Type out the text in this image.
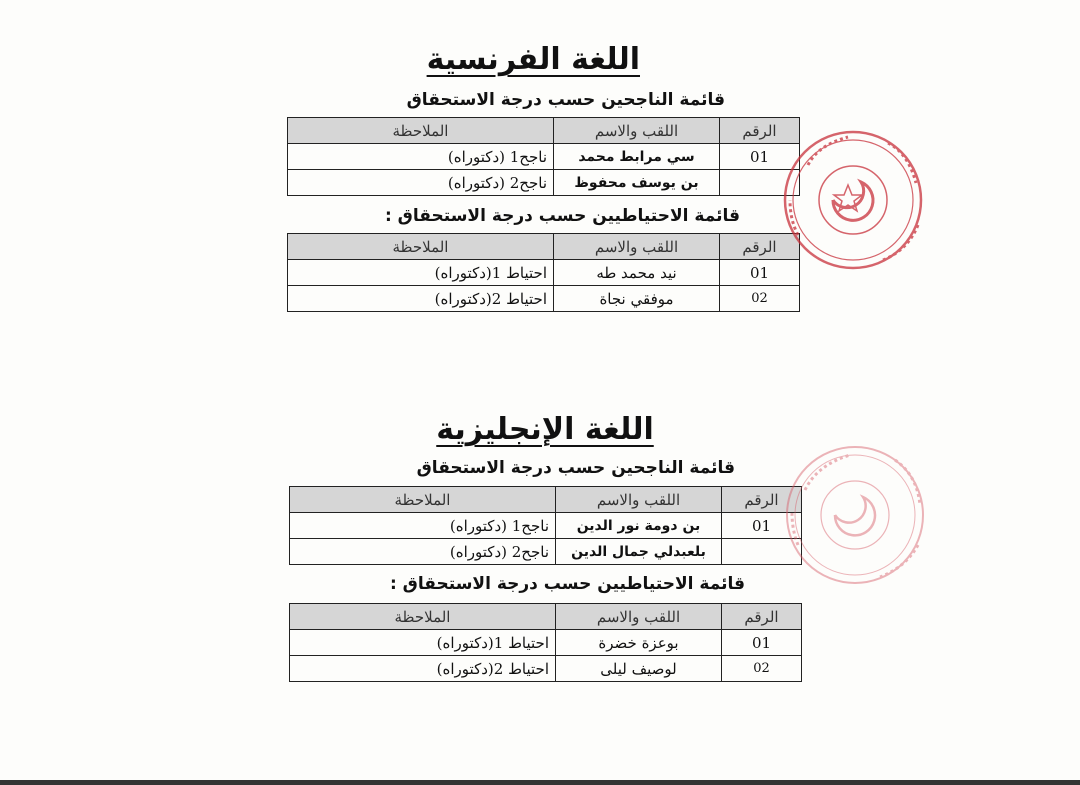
اللغة الفرنسية
قائمة الناجحين حسب درجة الاستحقاق
الرقم	اللقب والاسم	الملاحظة
01	سي مرابط محمد	ناجح1 (دكتوراه)
	بن يوسف محفوظ	ناجح2 (دكتوراه)
قائمة الاحتياطيين حسب درجة الاستحقاق :
الرقم	اللقب والاسم	الملاحظة
01	نيد محمد طه	احتياط 1(دكتوراه)
02	موفقي نجاة	احتياط 2(دكتوراه)
اللغة الإنجليزية
قائمة الناجحين حسب درجة الاستحقاق
الرقم	اللقب والاسم	الملاحظة
01	بن دومة نور الدين	ناجح1 (دكتوراه)
	بلعبدلي جمال الدين	ناجح2 (دكتوراه)
قائمة الاحتياطيين حسب درجة الاستحقاق :
الرقم	اللقب والاسم	الملاحظة
01	بوعزة خضرة	احتياط 1(دكتوراه)
02	لوصيف ليلى	احتياط 2(دكتوراه)
